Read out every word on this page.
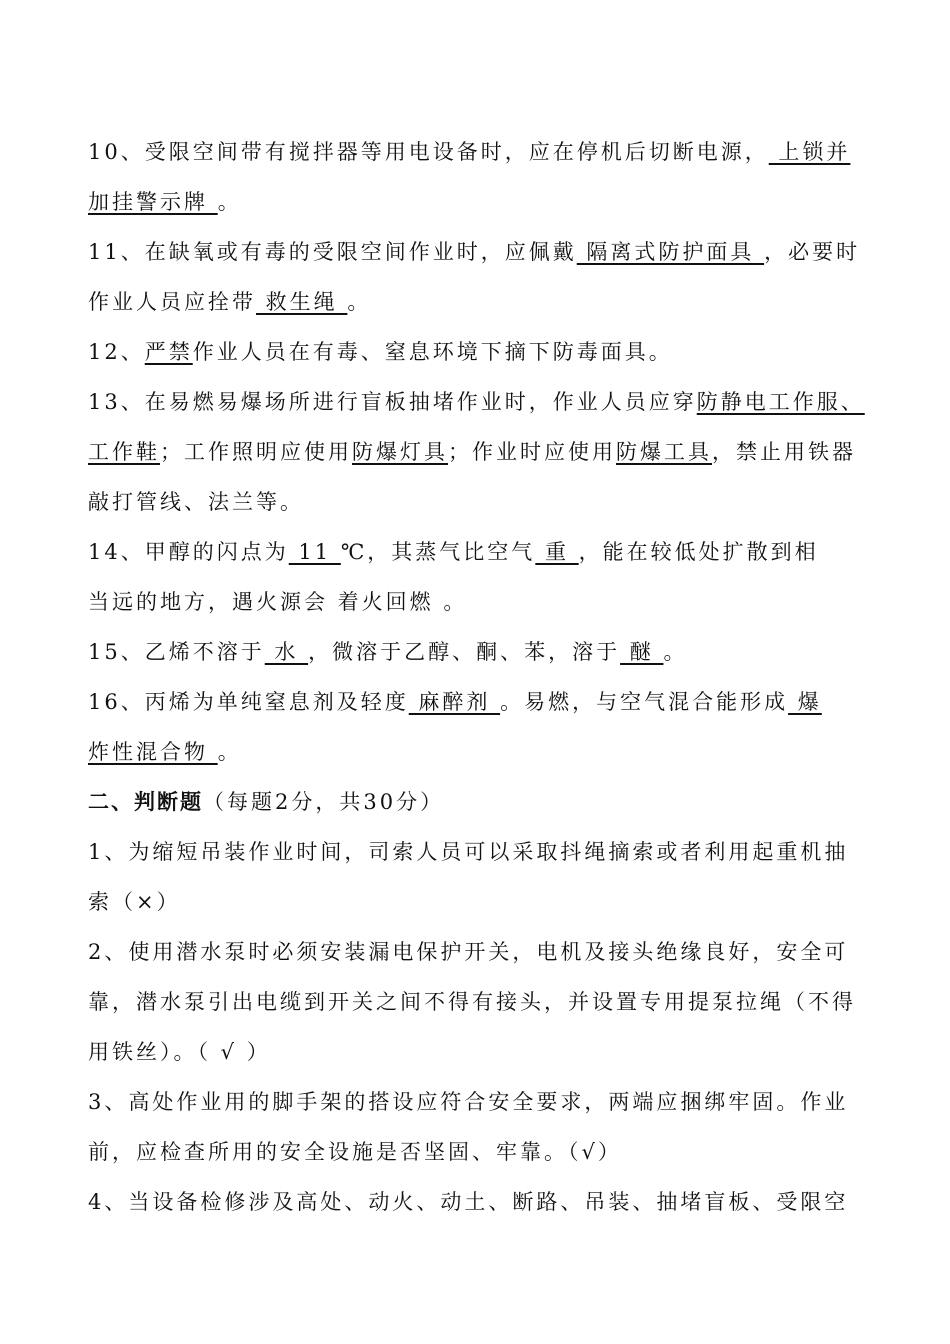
10、受限空间带有搅拌器等用电设备时，应在停机后切断电源， 上锁并
加挂警示牌 。
11、在缺氧或有毒的受限空间作业时，应佩戴 隔离式防护面具 ，必要时
作业人员应拴带 救生绳 。
12、严禁作业人员在有毒、窒息环境下摘下防毒面具。
13、在易燃易爆场所进行盲板抽堵作业时，作业人员应穿防静电工作服、
工作鞋；工作照明应使用防爆灯具；作业时应使用防爆工具，禁止用铁器
敲打管线、法兰等。
14、甲醇的闪点为 11 ℃，其蒸气比空气 重 ，能在较低处扩散到相
当远的地方，遇火源会 着火回燃 。
15、乙烯不溶于 水 ，微溶于乙醇、酮、苯，溶于 醚 。
16、丙烯为单纯窒息剂及轻度 麻醉剂 。易燃，与空气混合能形成 爆
炸性混合物 。
二、判断题（每题2分，共30分）
1、为缩短吊装作业时间，司索人员可以采取抖绳摘索或者利用起重机抽
索（×）
2、使用潜水泵时必须安装漏电保护开关，电机及接头绝缘良好，安全可
靠，潜水泵引出电缆到开关之间不得有接头，并设置专用提泵拉绳（不得
用铁丝）。（ √ ）
3、高处作业用的脚手架的搭设应符合安全要求，两端应捆绑牢固。作业
前，应检查所用的安全设施是否坚固、牢靠。（√）
4、当设备检修涉及高处、动火、动土、断路、吊装、抽堵盲板、受限空
